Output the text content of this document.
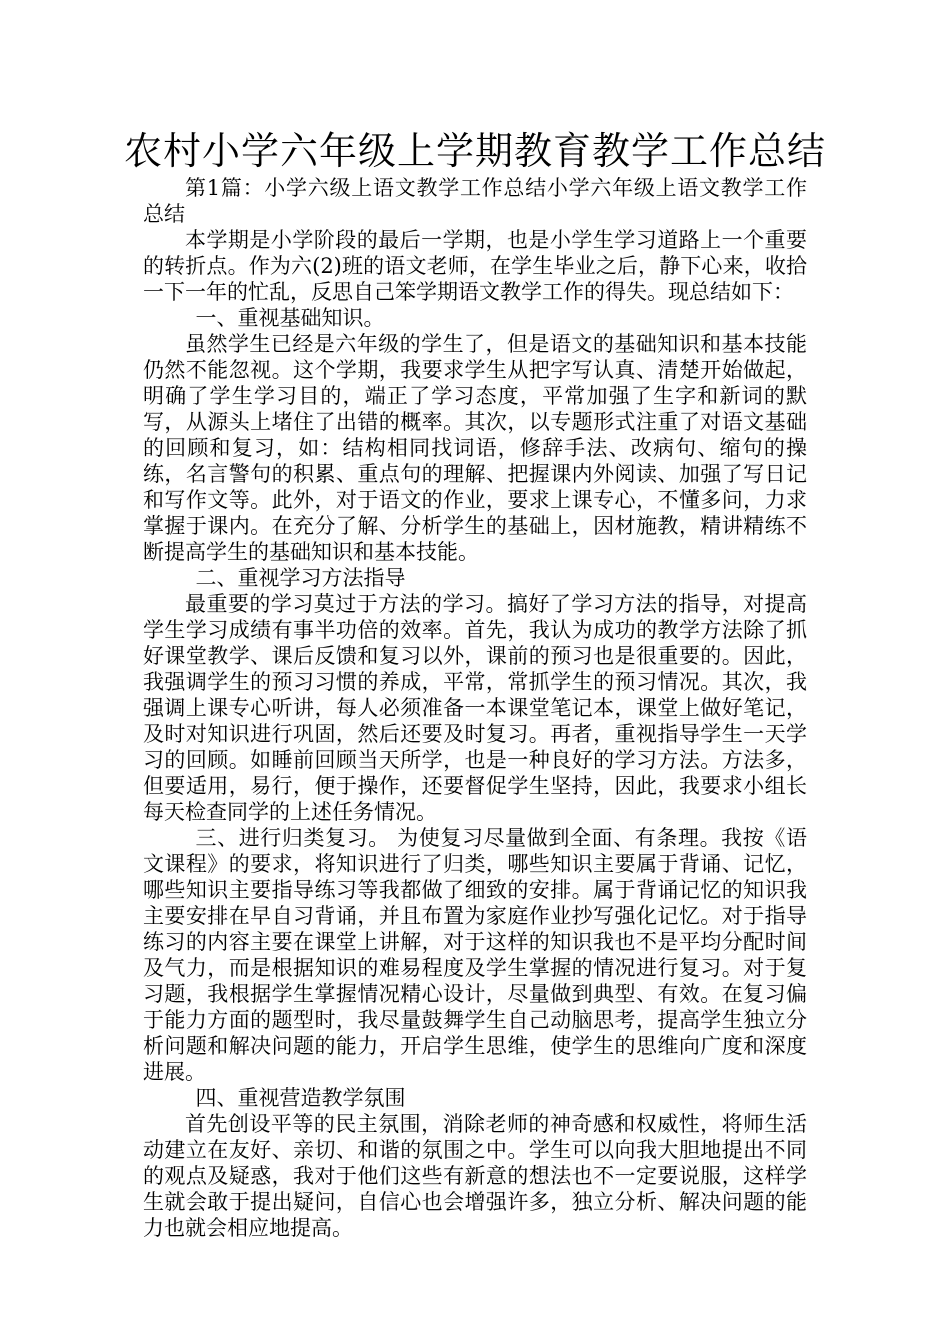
农村小学六年级上学期教育教学工作总结

第1篇：小学六级上语文教学工作总结小学六年级上语文教学工作总结

本学期是小学阶段的最后一学期，也是小学生学习道路上一个重要的转折点。作为六(2)班的语文老师，在学生毕业之后，静下心来，收拾一下一年的忙乱，反思自己笨学期语文教学工作的得失。现总结如下：

一、重视基础知识。

虽然学生已经是六年级的学生了，但是语文的基础知识和基本技能仍然不能忽视。这个学期，我要求学生从把字写认真、清楚开始做起，明确了学生学习目的，端正了学习态度，平常加强了生字和新词的默写，从源头上堵住了出错的概率。其次，以专题形式注重了对语文基础的回顾和复习，如：结构相同找词语，修辞手法、改病句、缩句的操练，名言警句的积累、重点句的理解、把握课内外阅读、加强了写日记和写作文等。此外，对于语文的作业，要求上课专心，不懂多问，力求掌握于课内。在充分了解、分析学生的基础上，因材施教，精讲精练不断提高学生的基础知识和基本技能。

二、重视学习方法指导

最重要的学习莫过于方法的学习。搞好了学习方法的指导，对提高学生学习成绩有事半功倍的效率。首先，我认为成功的教学方法除了抓好课堂教学、课后反馈和复习以外，课前的预习也是很重要的。因此，我强调学生的预习习惯的养成，平常，常抓学生的预习情况。其次，我强调上课专心听讲，每人必须准备一本课堂笔记本，课堂上做好笔记，及时对知识进行巩固，然后还要及时复习。再者，重视指导学生一天学习的回顾。如睡前回顾当天所学，也是一种良好的学习方法。方法多，但要适用，易行，便于操作，还要督促学生坚持，因此，我要求小组长每天检查同学的上述任务情况。

三、进行归类复习。 为使复习尽量做到全面、有条理。我按《语文课程》的要求，将知识进行了归类，哪些知识主要属于背诵、记忆，哪些知识主要指导练习等我都做了细致的安排。属于背诵记忆的知识我主要安排在早自习背诵，并且布置为家庭作业抄写强化记忆。对于指导练习的内容主要在课堂上讲解，对于这样的知识我也不是平均分配时间及气力，而是根据知识的难易程度及学生掌握的情况进行复习。对于复习题，我根据学生掌握情况精心设计，尽量做到典型、有效。在复习偏于能力方面的题型时，我尽量鼓舞学生自己动脑思考，提高学生独立分析问题和解决问题的能力，开启学生思维，使学生的思维向广度和深度进展。

四、重视营造教学氛围

首先创设平等的民主氛围，消除老师的神奇感和权威性，将师生活动建立在友好、亲切、和谐的氛围之中。学生可以向我大胆地提出不同的观点及疑惑，我对于他们这些有新意的想法也不一定要说服，这样学生就会敢于提出疑问，自信心也会增强许多，独立分析、解决问题的能力也就会相应地提高。
